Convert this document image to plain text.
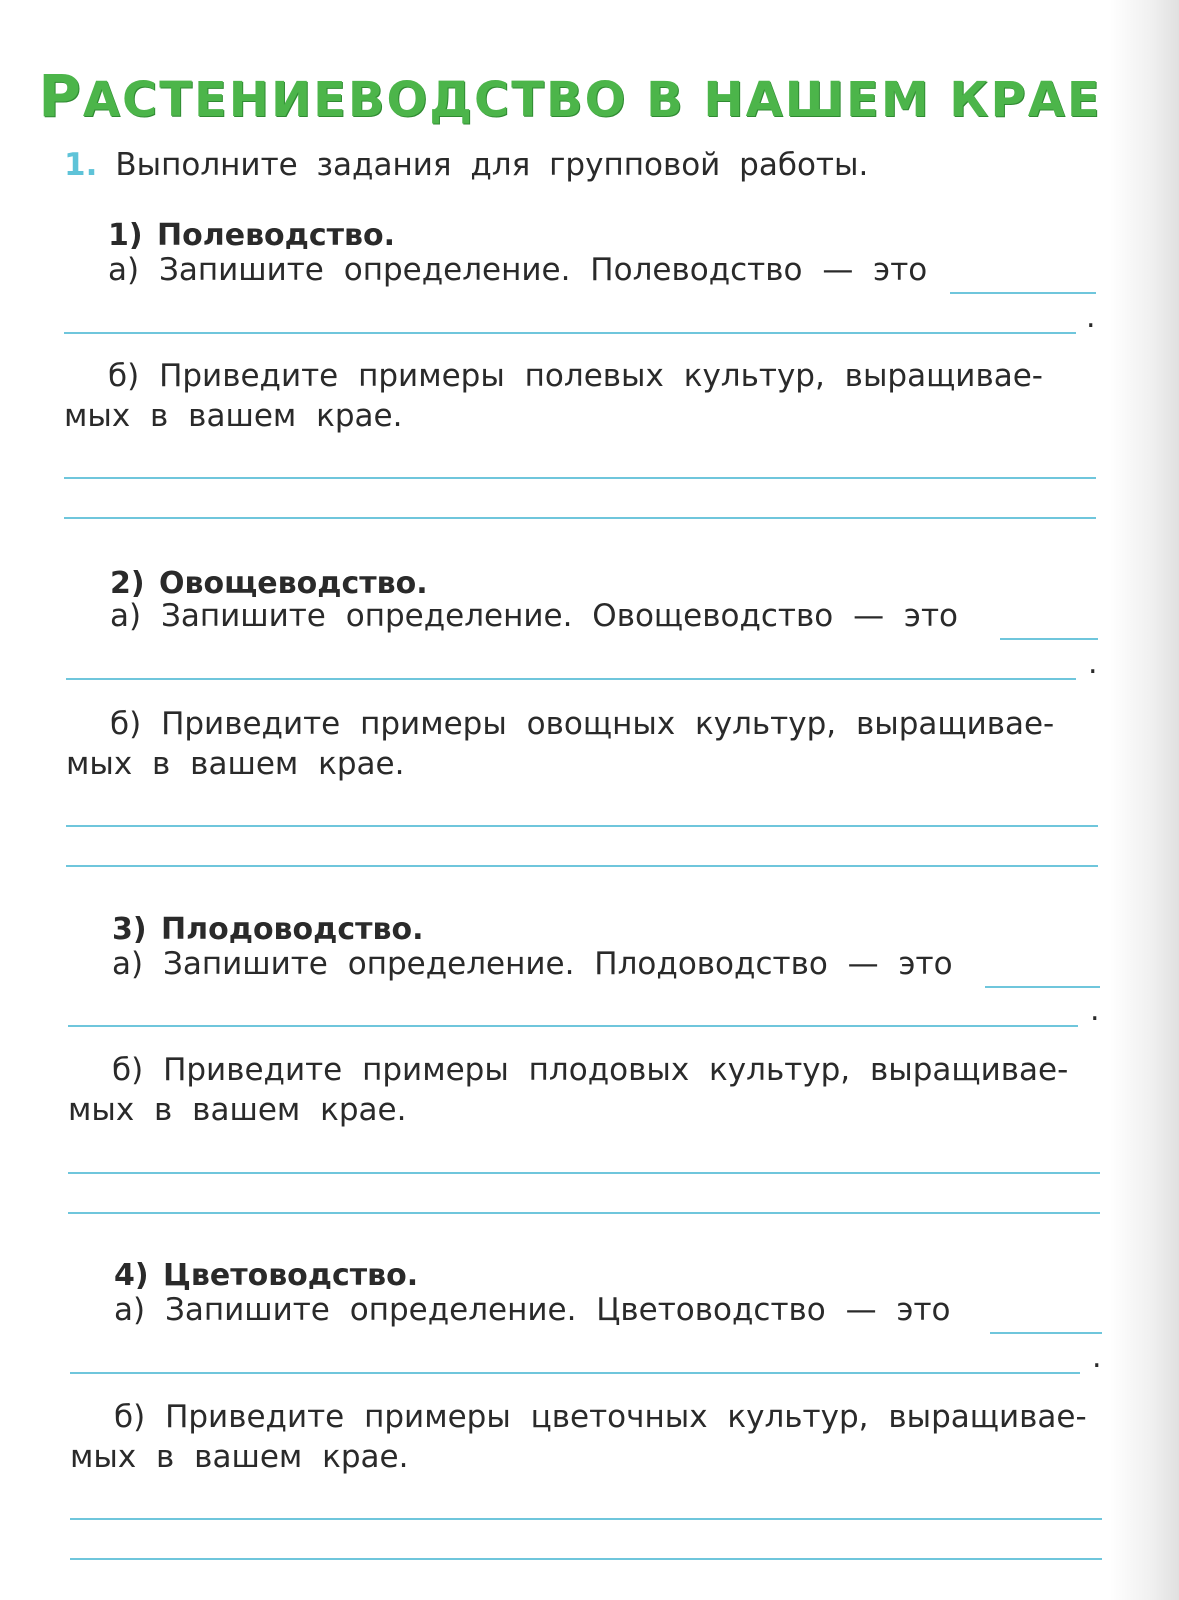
РАСТЕНИЕВОДСТВО В НАШЕМ КРАЕ
1. Выполните задания для групповой работы.
1) Полеводство.
а) Запишите определение. Полеводство — это
.
б) Приведите примеры полевых культур, выращивае-
мых в вашем крае.
2) Овощеводство.
а) Запишите определение. Овощеводство — это
.
б) Приведите примеры овощных культур, выращивае-
мых в вашем крае.
3) Плодоводство.
а) Запишите определение. Плодоводство — это
.
б) Приведите примеры плодовых культур, выращивае-
мых в вашем крае.
4) Цветоводство.
а) Запишите определение. Цветоводство — это
.
б) Приведите примеры цветочных культур, выращивае-
мых в вашем крае.
